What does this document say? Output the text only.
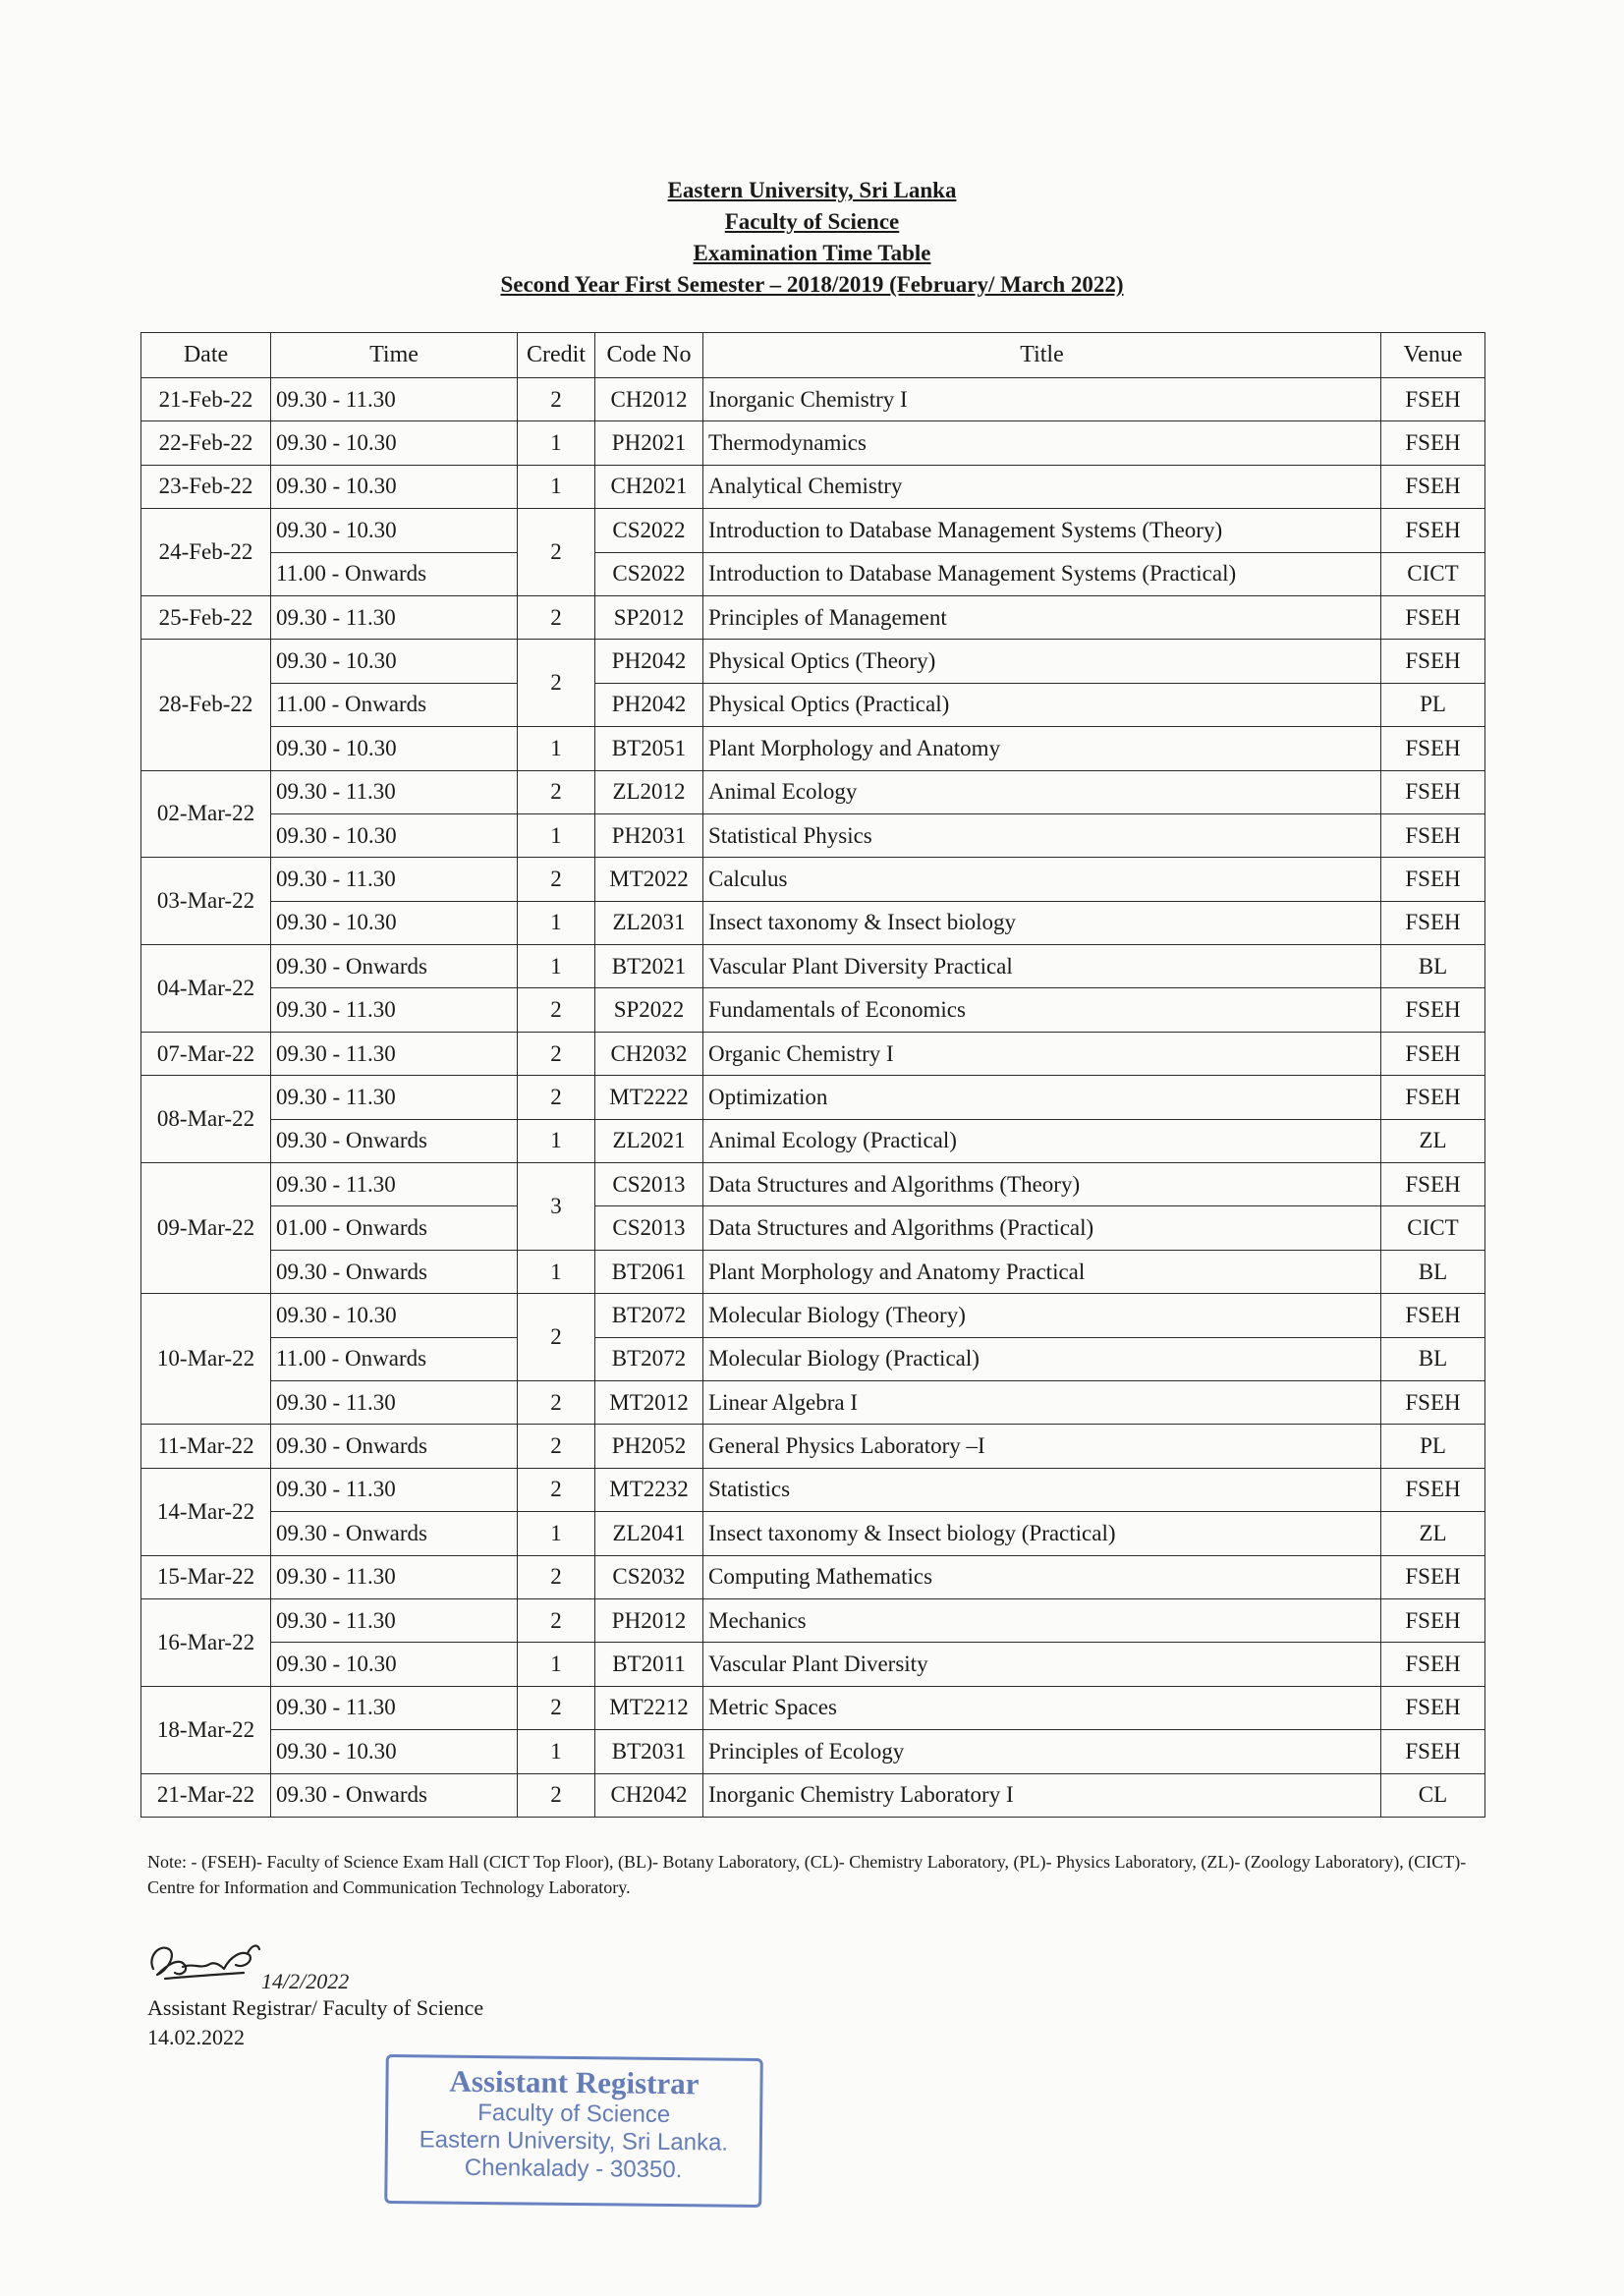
Eastern University, Sri Lanka
Faculty of Science
Examination Time Table
Second Year First Semester – 2018/2019 (February/ March 2022)
Date	Time	Credit	Code No	Title	Venue
21-Feb-22	09.30 - 11.30	2	CH2012	Inorganic Chemistry I	FSEH
22-Feb-22	09.30 - 10.30	1	PH2021	Thermodynamics	FSEH
23-Feb-22	09.30 - 10.30	1	CH2021	Analytical Chemistry	FSEH
24-Feb-22	09.30 - 10.30	2	CS2022	Introduction to Database Management Systems (Theory)	FSEH
	11.00 - Onwards		CS2022	Introduction to Database Management Systems (Practical)	CICT
25-Feb-22	09.30 - 11.30	2	SP2012	Principles of Management	FSEH
28-Feb-22	09.30 - 10.30	2	PH2042	Physical Optics (Theory)	FSEH
	11.00 - Onwards		PH2042	Physical Optics (Practical)	PL
	09.30 - 10.30	1	BT2051	Plant Morphology and Anatomy	FSEH
02-Mar-22	09.30 - 11.30	2	ZL2012	Animal Ecology	FSEH
	09.30 - 10.30	1	PH2031	Statistical Physics	FSEH
03-Mar-22	09.30 - 11.30	2	MT2022	Calculus	FSEH
	09.30 - 10.30	1	ZL2031	Insect taxonomy & Insect biology	FSEH
04-Mar-22	09.30 - Onwards	1	BT2021	Vascular Plant Diversity Practical	BL
	09.30 - 11.30	2	SP2022	Fundamentals of Economics	FSEH
07-Mar-22	09.30 - 11.30	2	CH2032	Organic Chemistry I	FSEH
08-Mar-22	09.30 - 11.30	2	MT2222	Optimization	FSEH
	09.30 - Onwards	1	ZL2021	Animal Ecology (Practical)	ZL
09-Mar-22	09.30 - 11.30	3	CS2013	Data Structures and Algorithms (Theory)	FSEH
	01.00 - Onwards		CS2013	Data Structures and Algorithms (Practical)	CICT
	09.30 - Onwards	1	BT2061	Plant Morphology and Anatomy Practical	BL
10-Mar-22	09.30 - 10.30	2	BT2072	Molecular Biology (Theory)	FSEH
	11.00 - Onwards		BT2072	Molecular Biology (Practical)	BL
	09.30 - 11.30	2	MT2012	Linear Algebra I	FSEH
11-Mar-22	09.30 - Onwards	2	PH2052	General Physics Laboratory –I	PL
14-Mar-22	09.30 - 11.30	2	MT2232	Statistics	FSEH
	09.30 - Onwards	1	ZL2041	Insect taxonomy & Insect biology (Practical)	ZL
15-Mar-22	09.30 - 11.30	2	CS2032	Computing Mathematics	FSEH
16-Mar-22	09.30 - 11.30	2	PH2012	Mechanics	FSEH
	09.30 - 10.30	1	BT2011	Vascular Plant Diversity	FSEH
18-Mar-22	09.30 - 11.30	2	MT2212	Metric Spaces	FSEH
	09.30 - 10.30	1	BT2031	Principles of Ecology	FSEH
21-Mar-22	09.30 - Onwards	2	CH2042	Inorganic Chemistry Laboratory I	CL
Note: - (FSEH)- Faculty of Science Exam Hall (CICT Top Floor), (BL)- Botany Laboratory, (CL)- Chemistry Laboratory, (PL)- Physics Laboratory, (ZL)- (Zoology Laboratory), (CICT)- Centre for Information and Communication Technology Laboratory.
14/2/2022
Assistant Registrar/ Faculty of Science
14.02.2022
Assistant Registrar
Faculty of Science
Eastern University, Sri Lanka.
Chenkalady - 30350.
